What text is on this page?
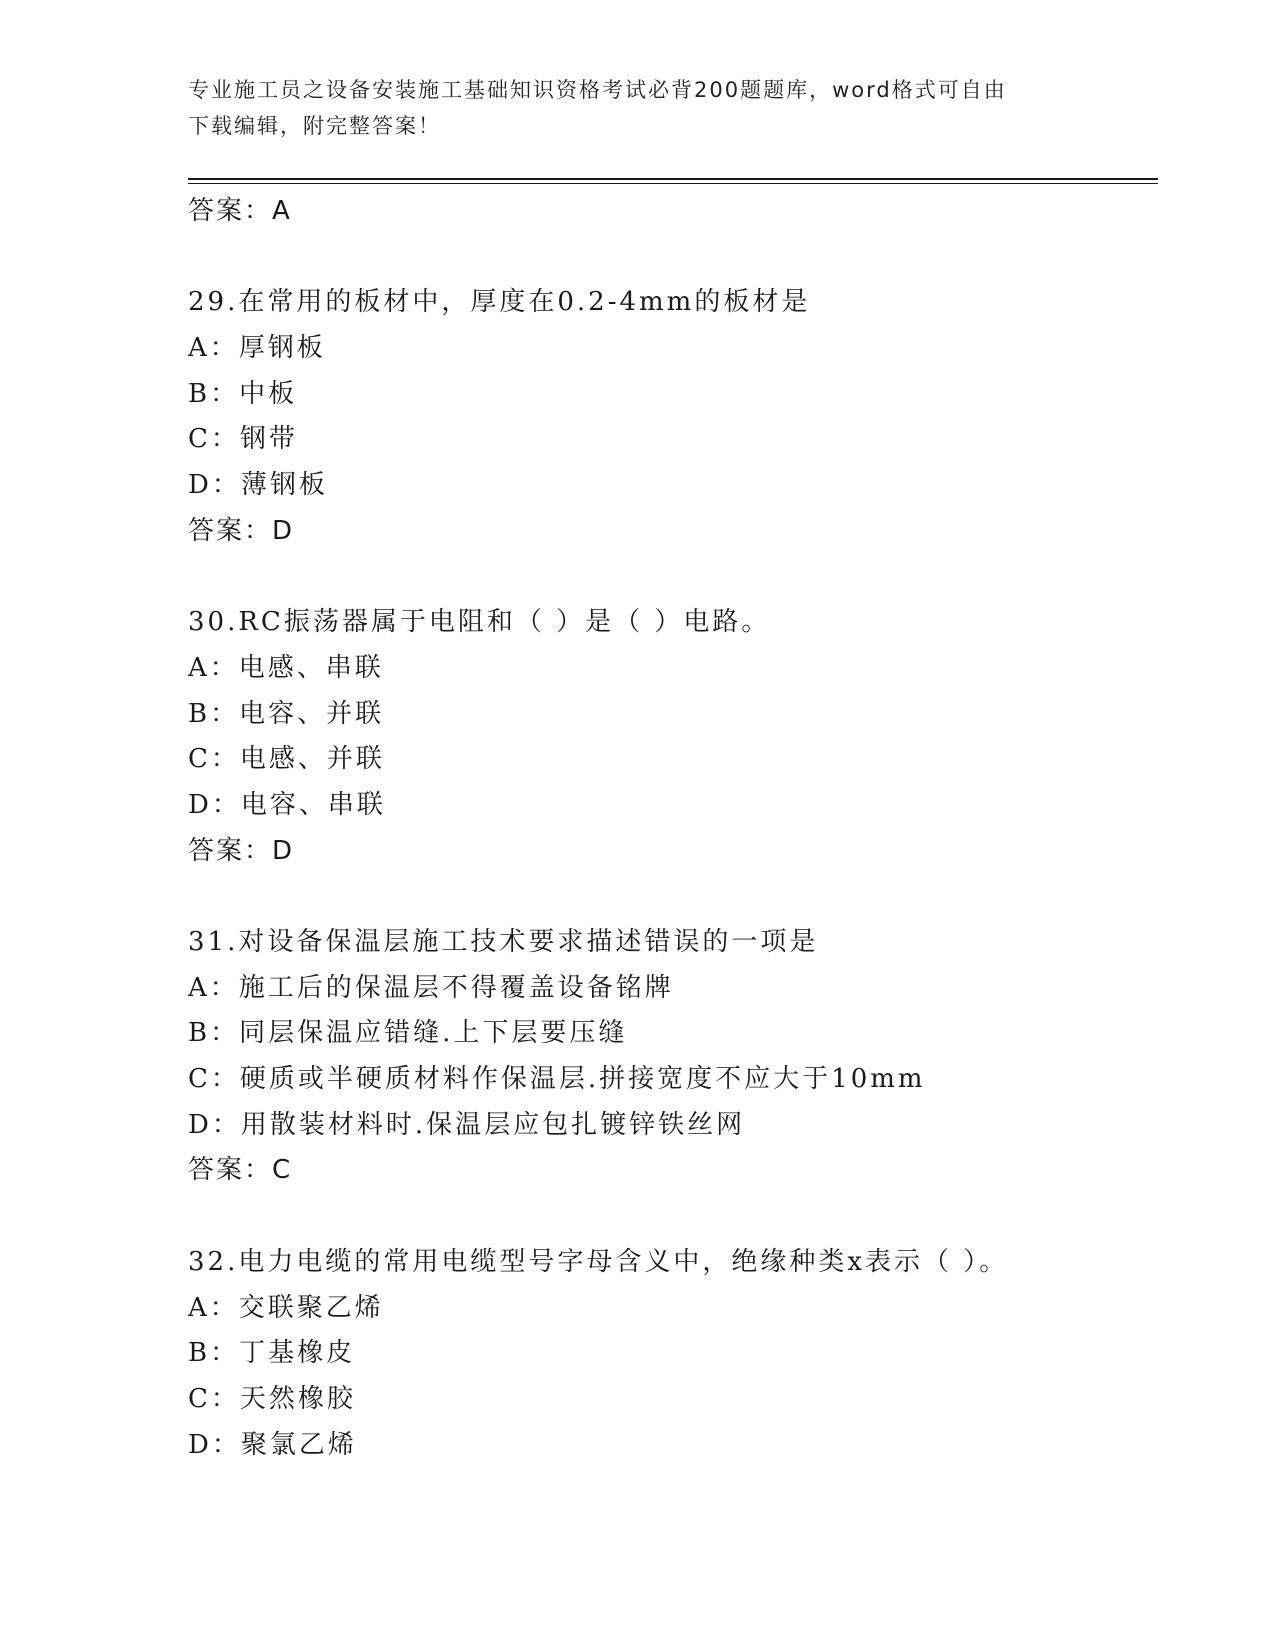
专业施工员之设备安装施工基础知识资格考试必背200题题库，word格式可自由
下载编辑，附完整答案！
答案：A
29.在常用的板材中，厚度在0.2-4mm的板材是
A：厚钢板
B：中板
C：钢带
D：薄钢板
答案：D
30.RC振荡器属于电阻和（ ）是（ ）电路。
A：电感、串联
B：电容、并联
C：电感、并联
D：电容、串联
答案：D
31.对设备保温层施工技术要求描述错误的一项是
A：施工后的保温层不得覆盖设备铭牌
B：同层保温应错缝.上下层要压缝
C：硬质或半硬质材料作保温层.拼接宽度不应大于10mm
D：用散装材料时.保温层应包扎镀锌铁丝网
答案：C
32.电力电缆的常用电缆型号字母含义中，绝缘种类x表示（ ）。
A：交联聚乙烯
B：丁基橡皮
C：天然橡胶
D：聚氯乙烯
